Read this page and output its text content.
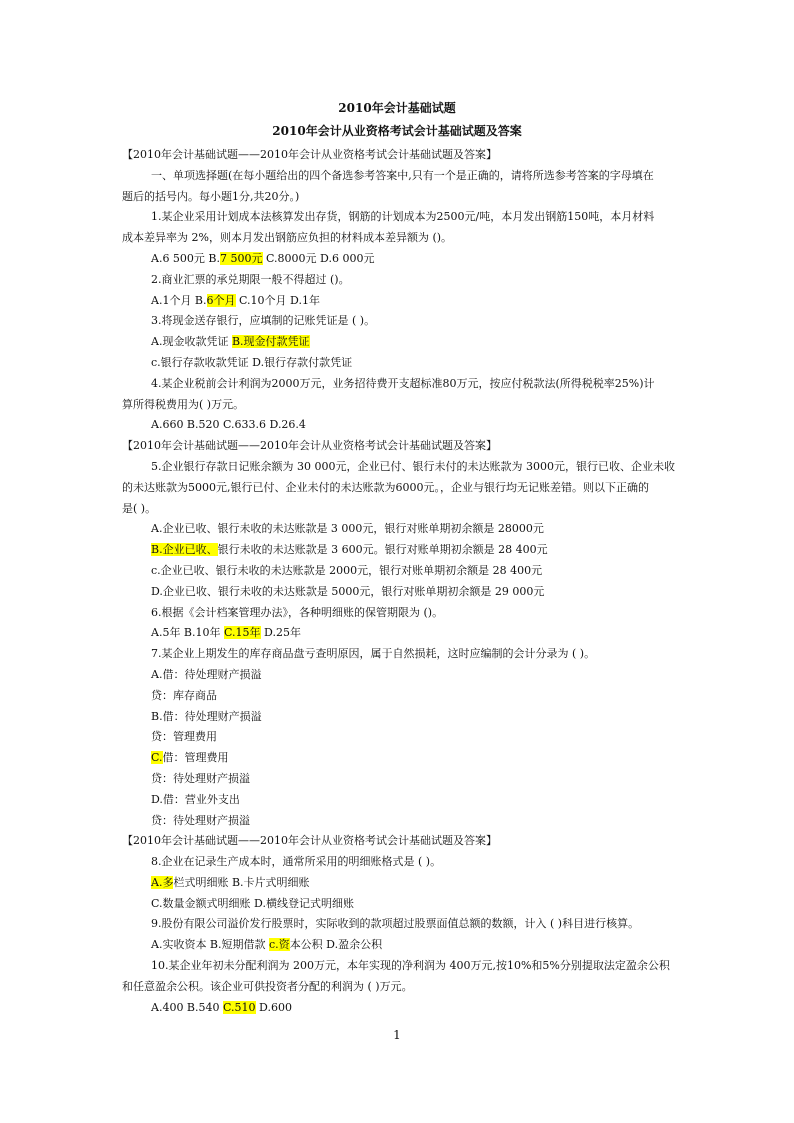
2010年会计基础试题
2010年会计从业资格考试会计基础试题及答案
【2010年会计基础试题——2010年会计从业资格考试会计基础试题及答案】
一、单项选择题(在每小题给出的四个备选参考答案中,只有一个是正确的，请将所选参考答案的字母填在
题后的括号内。每小题1分,共20分。)
1.某企业采用计划成本法核算发出存货，钢筋的计划成本为2500元/吨，本月发出钢筋150吨，本月材料
成本差异率为 2%，则本月发出钢筋应负担的材料成本差异额为 ()。
A.6 500元 B.7 500元 C.8000元 D.6 000元
2.商业汇票的承兑期限一般不得超过 ()。
A.1个月 B.6个月 C.10个月 D.1年
3.将现金送存银行，应填制的记账凭证是 ( )。
A.现金收款凭证 B.现金付款凭证
c.银行存款收款凭证 D.银行存款付款凭证
4.某企业税前会计利润为2000万元，业务招待费开支超标准80万元，按应付税款法(所得税税率25%)计
算所得税费用为( )万元。
A.660 B.520 C.633.6 D.26.4
【2010年会计基础试题——2010年会计从业资格考试会计基础试题及答案】
5.企业银行存款日记账余额为 30 000元，企业已付、银行未付的未达账款为 3000元，银行已收、企业未收
的未达账款为5000元,银行已付、企业未付的未达账款为6000元。，企业与银行均无记账差错。则以下正确的
是( )。
A.企业已收、银行未收的未达账款是 3 000元，银行对账单期初余额是 28000元
B.企业已收、银行未收的未达账款是 3 600元。银行对账单期初余额是 28 400元
c.企业已收、银行未收的未达账款是 2000元，银行对账单期初余额是 28 400元
D.企业已收、银行未收的未达账款是 5000元，银行对账单期初余额是 29 000元
6.根据《会计档案管理办法》，各种明细账的保管期限为 ()。
A.5年 B.10年 C.15年 D.25年
7.某企业上期发生的库存商品盘亏查明原因，属于自然损耗，这时应编制的会计分录为 ( )。
A.借：待处理财产损溢
贷：库存商品
B.借：待处理财产损溢
贷：管理费用
C.借：管理费用
贷：待处理财产损溢
D.借：营业外支出
贷：待处理财产损溢
【2010年会计基础试题——2010年会计从业资格考试会计基础试题及答案】
8.企业在记录生产成本时，通常所采用的明细账格式是 ( )。
A.多栏式明细账 B.卡片式明细账
C.数量金额式明细账 D.横线登记式明细账
9.股份有限公司溢价发行股票时，实际收到的款项超过股票面值总额的数额，计入 ( )科目进行核算。
A.实收资本 B.短期借款 c.资本公积 D.盈余公积
10.某企业年初未分配利润为 200万元，本年实现的净利润为 400万元,按10%和5%分别提取法定盈余公积
和任意盈余公积。该企业可供投资者分配的利润为 ( )万元。
A.400 B.540 C.510 D.600
1
